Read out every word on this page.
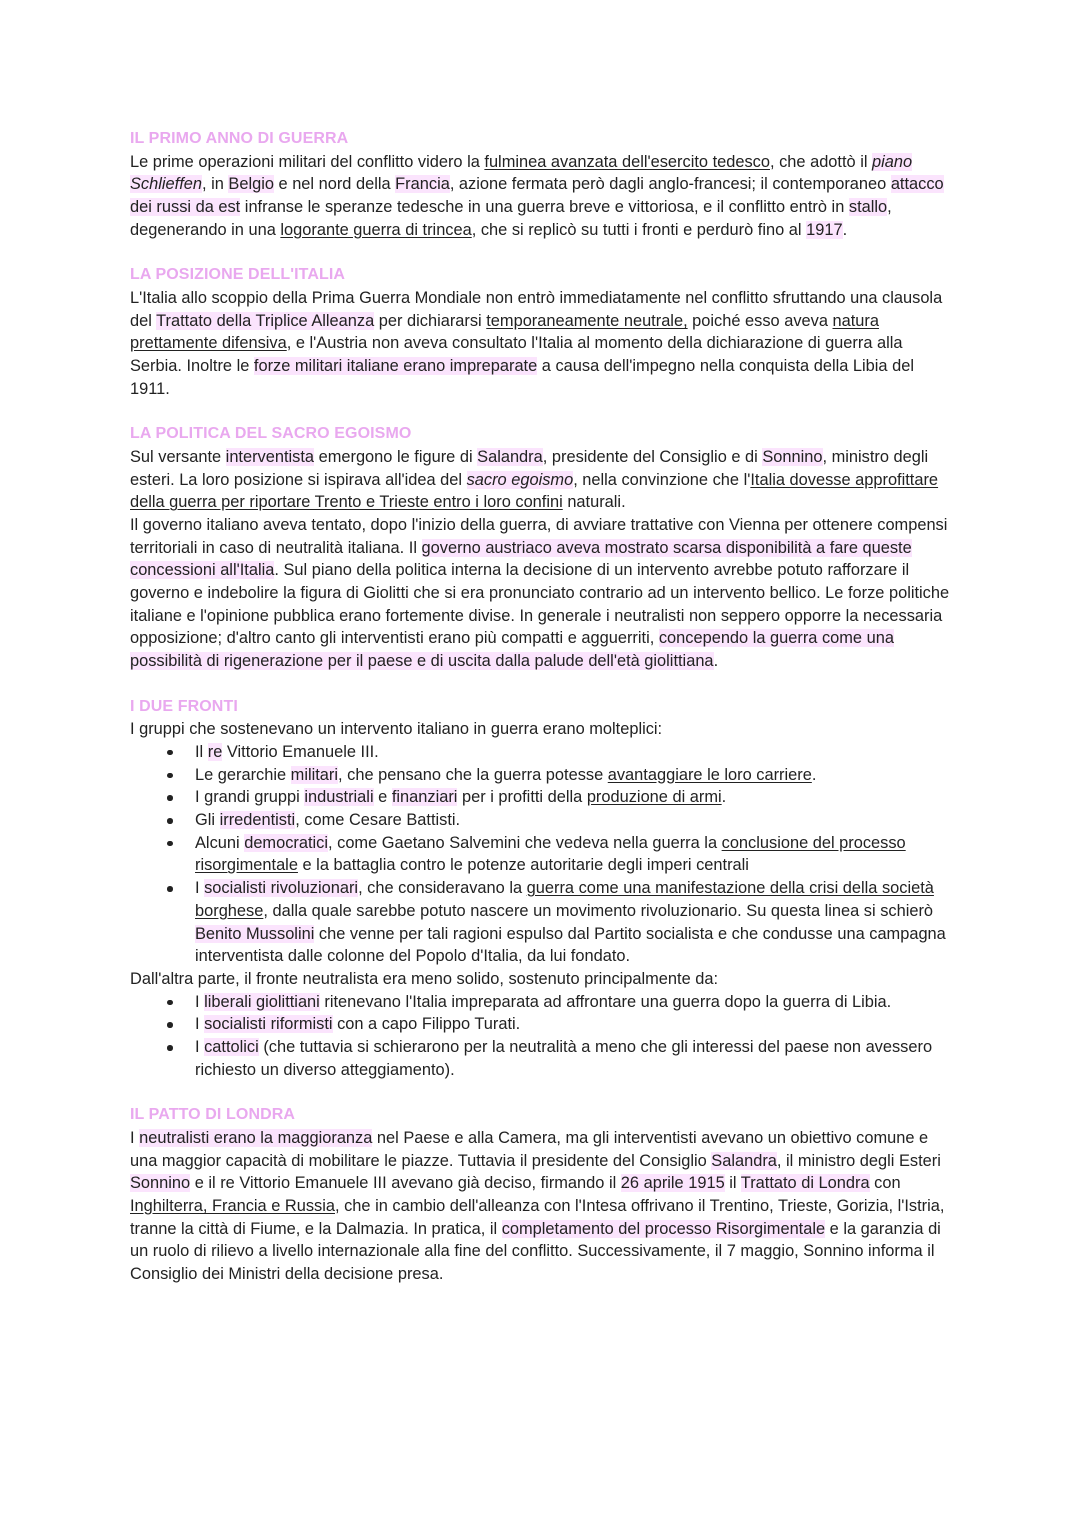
IL PRIMO ANNO DI GUERRA

Le prime operazioni militari del conflitto videro la fulminea avanzata dell'esercito tedesco, che adottò il piano Schlieffen, in Belgio e nel nord della Francia, azione fermata però dagli anglo-francesi; il contemporaneo attacco dei russi da est infranse le speranze tedesche in una guerra breve e vittoriosa, e il conflitto entrò in stallo, degenerando in una logorante guerra di trincea, che si replicò su tutti i fronti e perdurò fino al 1917.

LA POSIZIONE DELL'ITALIA

L'Italia allo scoppio della Prima Guerra Mondiale non entrò immediatamente nel conflitto sfruttando una clausola del Trattato della Triplice Alleanza per dichiararsi temporaneamente neutrale, poiché esso aveva natura prettamente difensiva, e l'Austria non aveva consultato l'Italia al momento della dichiarazione di guerra alla Serbia. Inoltre le forze militari italiane erano impreparate a causa dell'impegno nella conquista della Libia del 1911.

LA POLITICA DEL SACRO EGOISMO

Sul versante interventista emergono le figure di Salandra, presidente del Consiglio e di Sonnino, ministro degli esteri. La loro posizione si ispirava all'idea del sacro egoismo, nella convinzione che l'Italia dovesse approfittare della guerra per riportare Trento e Trieste entro i loro confini naturali.

Il governo italiano aveva tentato, dopo l'inizio della guerra, di avviare trattative con Vienna per ottenere compensi territoriali in caso di neutralità italiana. Il governo austriaco aveva mostrato scarsa disponibilità a fare queste concessioni all'Italia. Sul piano della politica interna la decisione di un intervento avrebbe potuto rafforzare il governo e indebolire la figura di Giolitti che si era pronunciato contrario ad un intervento bellico. Le forze politiche italiane e l'opinione pubblica erano fortemente divise. In generale i neutralisti non seppero opporre la necessaria opposizione; d'altro canto gli interventisti erano più compatti e agguerriti, concependo la guerra come una possibilità di rigenerazione per il paese e di uscita dalla palude dell'età giolittiana.

I DUE FRONTI

I gruppi che sostenevano un intervento italiano in guerra erano molteplici:

Il re Vittorio Emanuele III.
Le gerarchie militari, che pensano che la guerra potesse avantaggiare le loro carriere.
I grandi gruppi industriali e finanziari per i profitti della produzione di armi.
Gli irredentisti, come Cesare Battisti.
Alcuni democratici, come Gaetano Salvemini che vedeva nella guerra la conclusione del processo risorgimentale e la battaglia contro le potenze autoritarie degli imperi centrali
I socialisti rivoluzionari, che consideravano la guerra come una manifestazione della crisi della società borghese, dalla quale sarebbe potuto nascere un movimento rivoluzionario. Su questa linea si schierò Benito Mussolini che venne per tali ragioni espulso dal Partito socialista e che condusse una campagna interventista dalle colonne del Popolo d'Italia, da lui fondato.

Dall'altra parte, il fronte neutralista era meno solido, sostenuto principalmente da:

I liberali giolittiani ritenevano l'Italia impreparata ad affrontare una guerra dopo la guerra di Libia.
I socialisti riformisti con a capo Filippo Turati.
I cattolici (che tuttavia si schierarono per la neutralità a meno che gli interessi del paese non avessero richiesto un diverso atteggiamento).
IL PATTO DI LONDRA

I neutralisti erano la maggioranza nel Paese e alla Camera, ma gli interventisti avevano un obiettivo comune e una maggior capacità di mobilitare le piazze. Tuttavia il presidente del Consiglio Salandra, il ministro degli Esteri Sonnino e il re Vittorio Emanuele III avevano già deciso, firmando il 26 aprile 1915 il Trattato di Londra con Inghilterra, Francia e Russia, che in cambio dell'alleanza con l'Intesa offrivano il Trentino, Trieste, Gorizia, l'Istria, tranne la città di Fiume, e la Dalmazia. In pratica, il completamento del processo Risorgimentale e la garanzia di un ruolo di rilievo a livello internazionale alla fine del conflitto. Successivamente, il 7 maggio, Sonnino informa il Consiglio dei Ministri della decisione presa.
